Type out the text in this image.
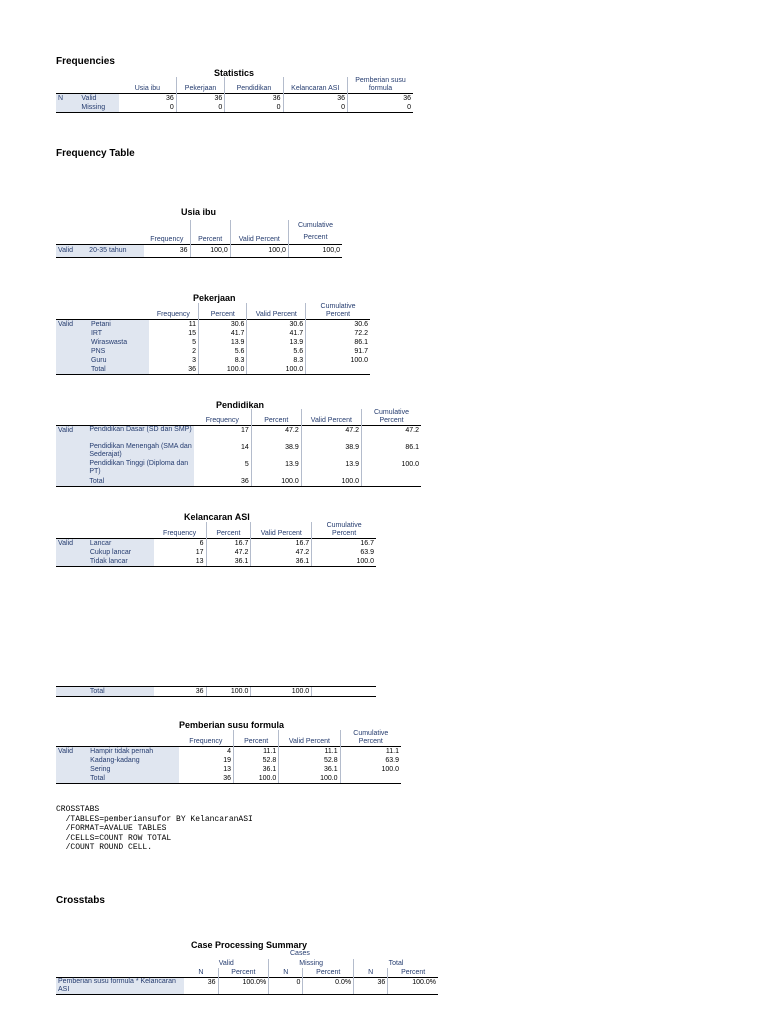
Frequencies
Frequency Table
Crosstabs
Statistics
		Usia ibu	Pekerjaan	Pendidikan	Kelancaran ASI	Pemberian susu formula
N	Valid	36	36	36	36	36
	Missing	0	0	0	0	0
Usia ibu
		Frequency	Percent	Valid Percent	Cumulative Percent
Valid	20-35 tahun	36	100,0	100,0	100,0
Pekerjaan
		Frequency	Percent	Valid Percent	Cumulative Percent
Valid	Petani	11	30.6	30.6	30.6
	IRT	15	41.7	41.7	72.2
	Wiraswasta	5	13.9	13.9	86.1
	PNS	2	5.6	5.6	91.7
	Guru	3	8.3	8.3	100.0
	Total	36	100.0	100.0	
Pendidikan
		Frequency	Percent	Valid Percent	Cumulative Percent
Valid	Pendidikan Dasar (SD dan SMP)	17	47.2	47.2	47.2
	Pendidikan Menengah (SMA dan Sederajat)	14	38.9	38.9	86.1
	Pendidikan Tinggi (Diploma dan PT)	5	13.9	13.9	100.0
	Total	36	100.0	100.0	
Kelancaran ASI
		Frequency	Percent	Valid Percent	Cumulative Percent
Valid	Lancar	6	16.7	16.7	16.7
	Cukup lancar	17	47.2	47.2	63.9
	Tidak lancar	13	36.1	36.1	100.0
	Total	36	100.0	100.0	
Pemberian susu formula
		Frequency	Percent	Valid Percent	Cumulative Percent
Valid	Hampir tidak pernah	4	11.1	11.1	11.1
	Kadang-kadang	19	52.8	52.8	63.9
	Sering	13	36.1	36.1	100.0
	Total	36	100.0	100.0	
CROSSTABS
/TABLES=pemberiansufor BY KelancaranASI
/FORMAT=AVALUE TABLES
/CELLS=COUNT ROW TOTAL
/COUNT ROUND CELL.
Case Processing Summary
Cases
	Valid		Missing		Total	
	N	Percent	N	Percent	N	Percent
Pemberian susu formula * Kelancaran ASI	36	100.0%	0	0.0%	36	100.0%
